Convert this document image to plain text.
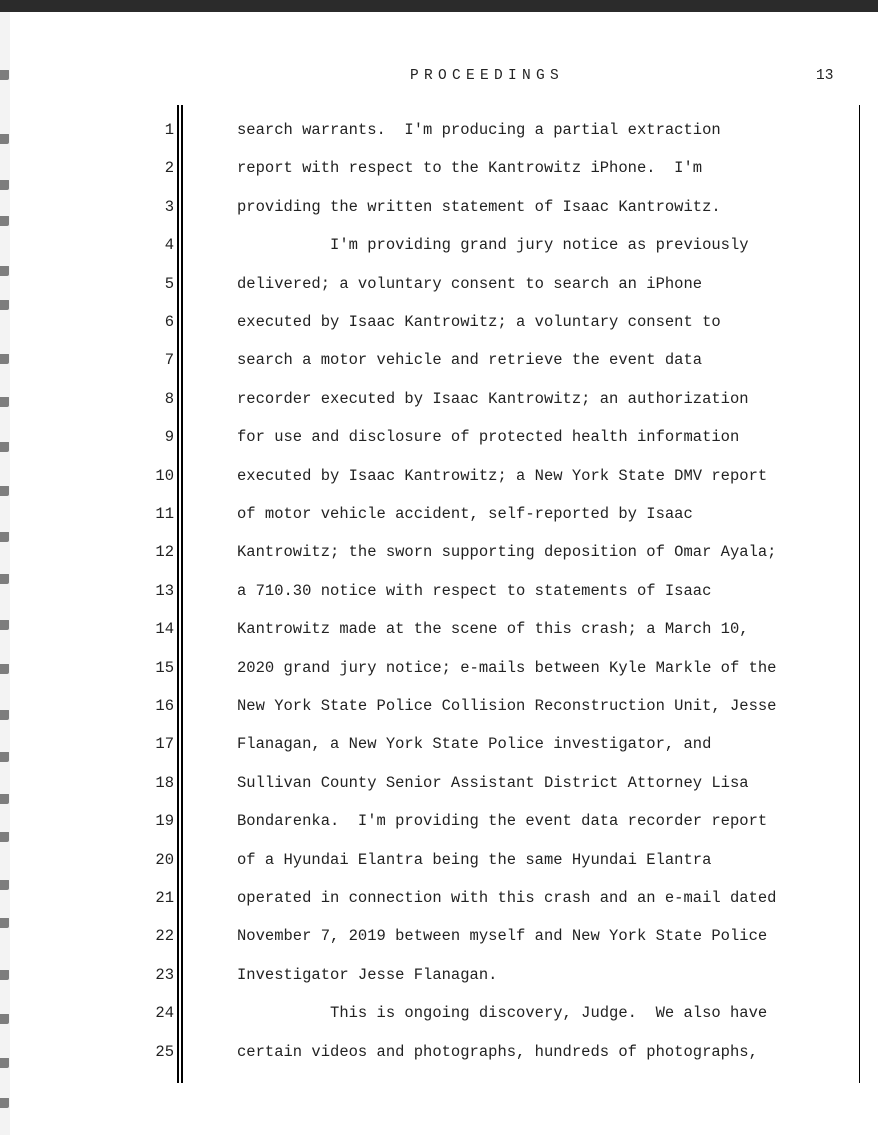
PROCEEDINGS	13
1	search warrants.  I'm producing a partial extraction
2	report with respect to the Kantrowitz iPhone.  I'm
3	providing the written statement of Isaac Kantrowitz.
4	I'm providing grand jury notice as previously
5	delivered; a voluntary consent to search an iPhone
6	executed by Isaac Kantrowitz; a voluntary consent to
7	search a motor vehicle and retrieve the event data
8	recorder executed by Isaac Kantrowitz; an authorization
9	for use and disclosure of protected health information
10	executed by Isaac Kantrowitz; a New York State DMV report
11	of motor vehicle accident, self-reported by Isaac
12	Kantrowitz; the sworn supporting deposition of Omar Ayala;
13	a 710.30 notice with respect to statements of Isaac
14	Kantrowitz made at the scene of this crash; a March 10,
15	2020 grand jury notice; e-mails between Kyle Markle of the
16	New York State Police Collision Reconstruction Unit, Jesse
17	Flanagan, a New York State Police investigator, and
18	Sullivan County Senior Assistant District Attorney Lisa
19	Bondarenka.  I'm providing the event data recorder report
20	of a Hyundai Elantra being the same Hyundai Elantra
21	operated in connection with this crash and an e-mail dated
22	November 7, 2019 between myself and New York State Police
23	Investigator Jesse Flanagan.
24	This is ongoing discovery, Judge.  We also have
25	certain videos and photographs, hundreds of photographs,
